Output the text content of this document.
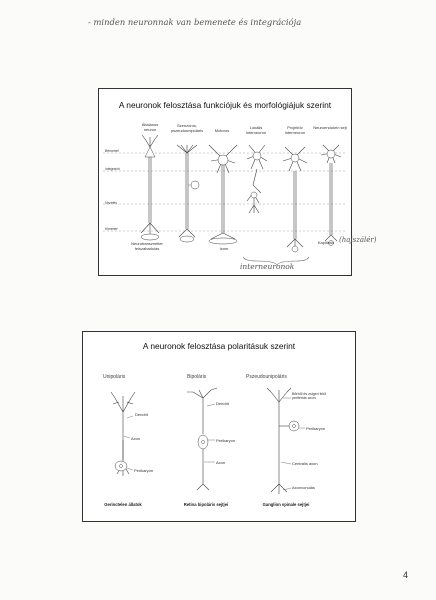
- minden neuronnak van bemenete és integrációja
A neuronok felosztása funkciójuk és morfológiájuk szerint
Általános neuron
Szenzoros, pszeudounipoláris	Motoros
Lokális interneuron
Projektív interneuron
Neuroendokrin sejt
Bemenet
Integráció
Vezetés
Kimenet
Neurotranszmitter felszabadulás	Izom
Kapilláris (hajszálér)
interneuronok
A neuronok felosztása polaritásuk szerint
Unipoláris	Bipoláris	Pszeudounipoláris
Dendrit
Axon
Perikaryon
Dendrit
Perikaryon
Axon
Bőrből és zsigeri felül perifériás axon
Perikaryon
Centrális axon
Axonvonulás
Gerinctelen állatok	Retina bipoláris sejtjei	Ganglion spinale sejtjei
4
